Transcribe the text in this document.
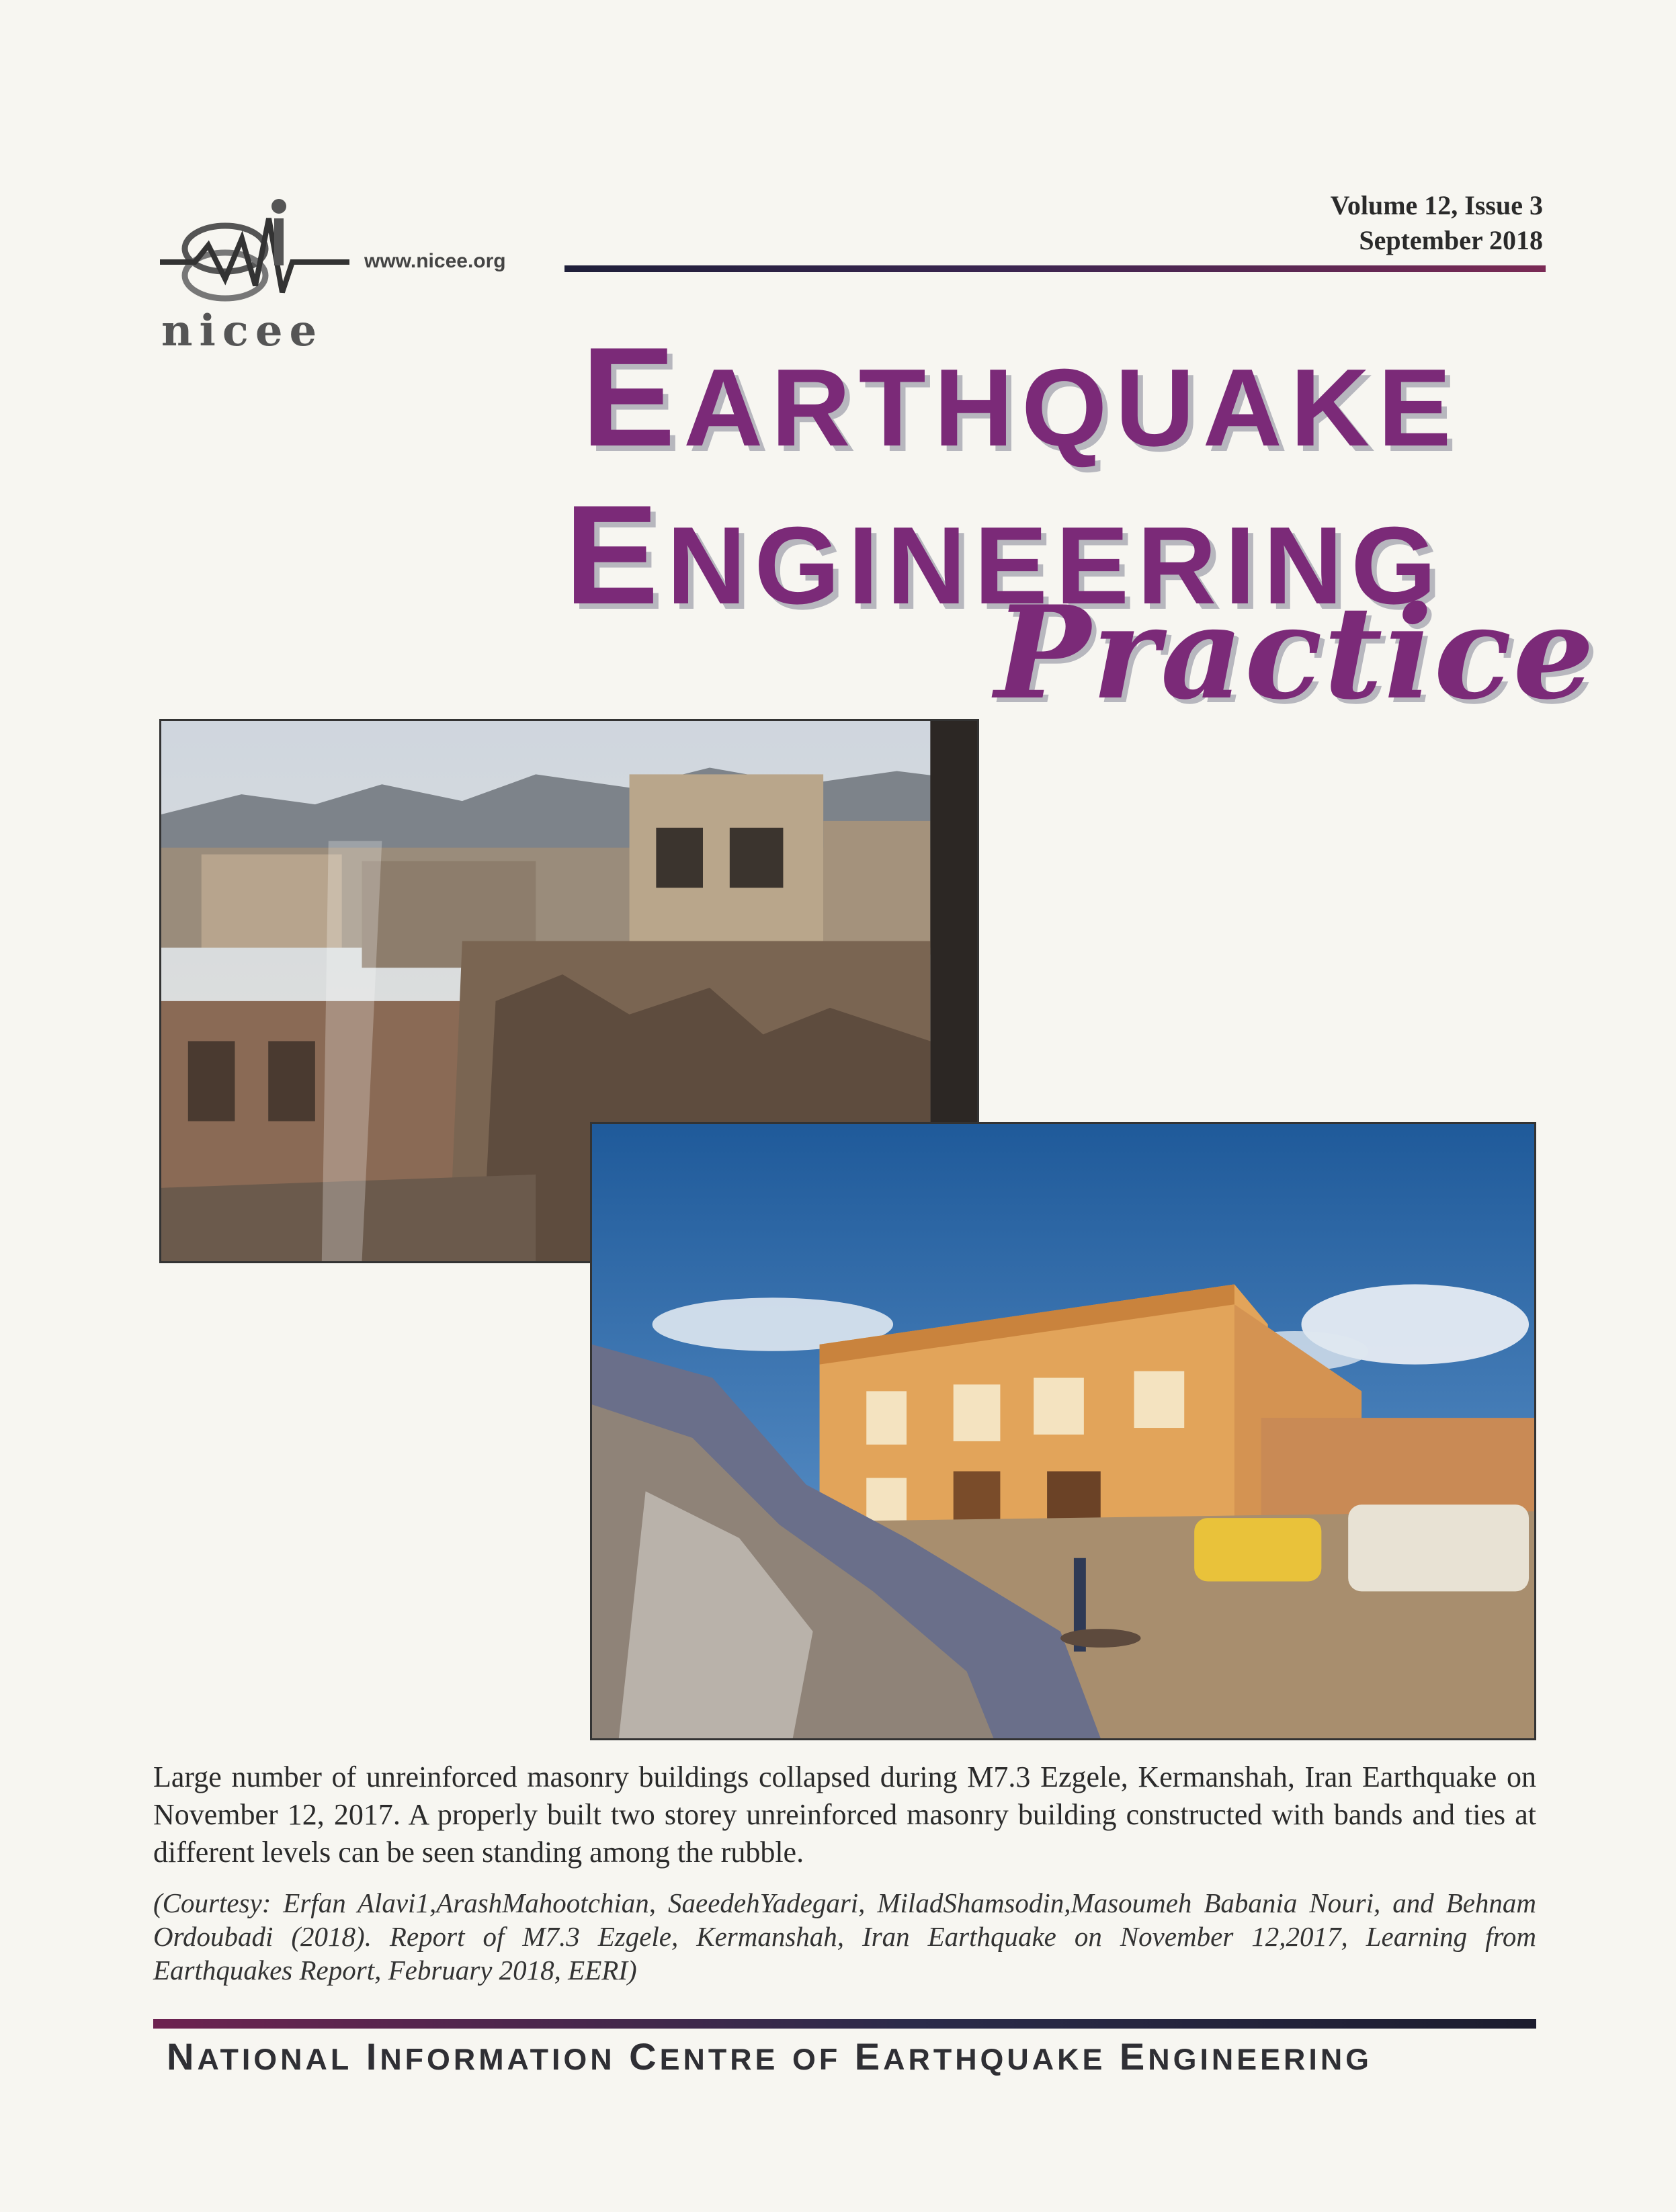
nicee
www.nicee.org
Volume 12, Issue 3
September 2018
EARTHQUAKE
ENGINEERING
Practice
Large number of unreinforced masonry buildings collapsed during M7.3 Ezgele, Kermanshah, Iran Earthquake on November 12, 2017. A properly built two storey unreinforced masonry building constructed with bands and ties at different levels can be seen standing among the rubble.
(Courtesy: Erfan Alavi1,ArashMahootchian, SaeedehYadegari, MiladShamsodin,Masoumeh Babania Nouri, and Behnam Ordoubadi (2018). Report of M7.3 Ezgele, Kermanshah, Iran Earthquake on November 12,2017, Learning from Earthquakes Report, February 2018, EERI)
NATIONAL INFORMATION CENTRE OF EARTHQUAKE ENGINEERING
